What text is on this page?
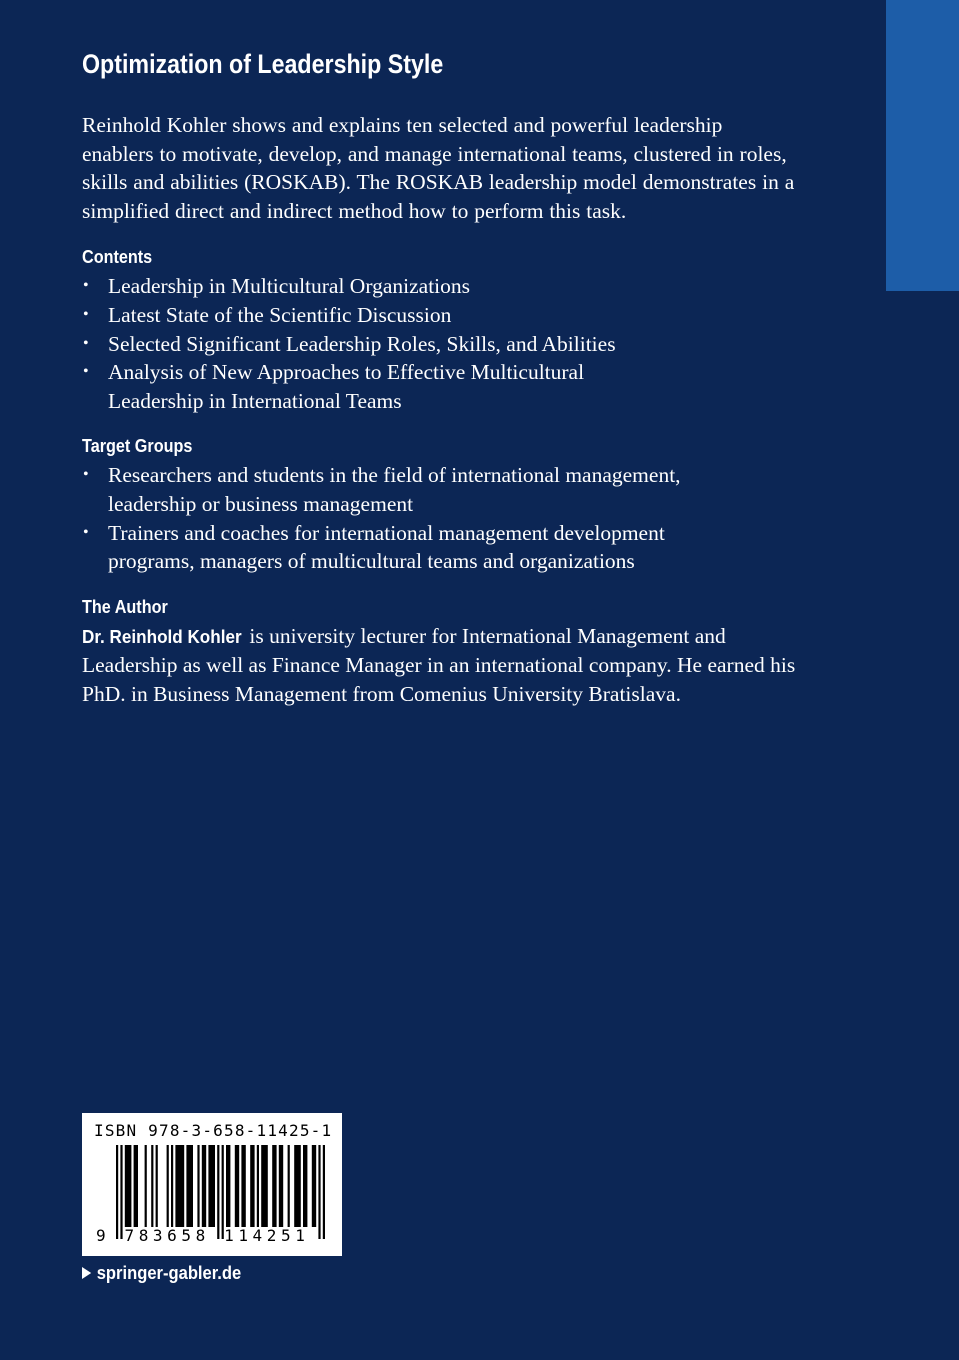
Optimization of Leadership Style

Reinhold Kohler shows and explains ten selected and powerful leadership enablers to motivate, develop, and manage international teams, clustered in roles, skills and abilities (ROSKAB). The ROSKAB leadership model demonstrates in a simplified direct and indirect method how to perform this task.

Contents
• Leadership in Multicultural Organizations
• Latest State of the Scientific Discussion
• Selected Significant Leadership Roles, Skills, and Abilities
• Analysis of New Approaches to Effective Multicultural Leadership in International Teams
Target Groups
• Researchers and students in the field of international management, leadership or business management
• Trainers and coaches for international management development programs, managers of multicultural teams and organizations
The Author

Dr. Reinhold Kohler is university lecturer for International Management and Leadership as well as Finance Manager in an international company. He earned his PhD. in Business Management from Comenius University Bratislava.

ISBN 978-3-658-11425-1
9 783658 114251
springer-gabler.de
